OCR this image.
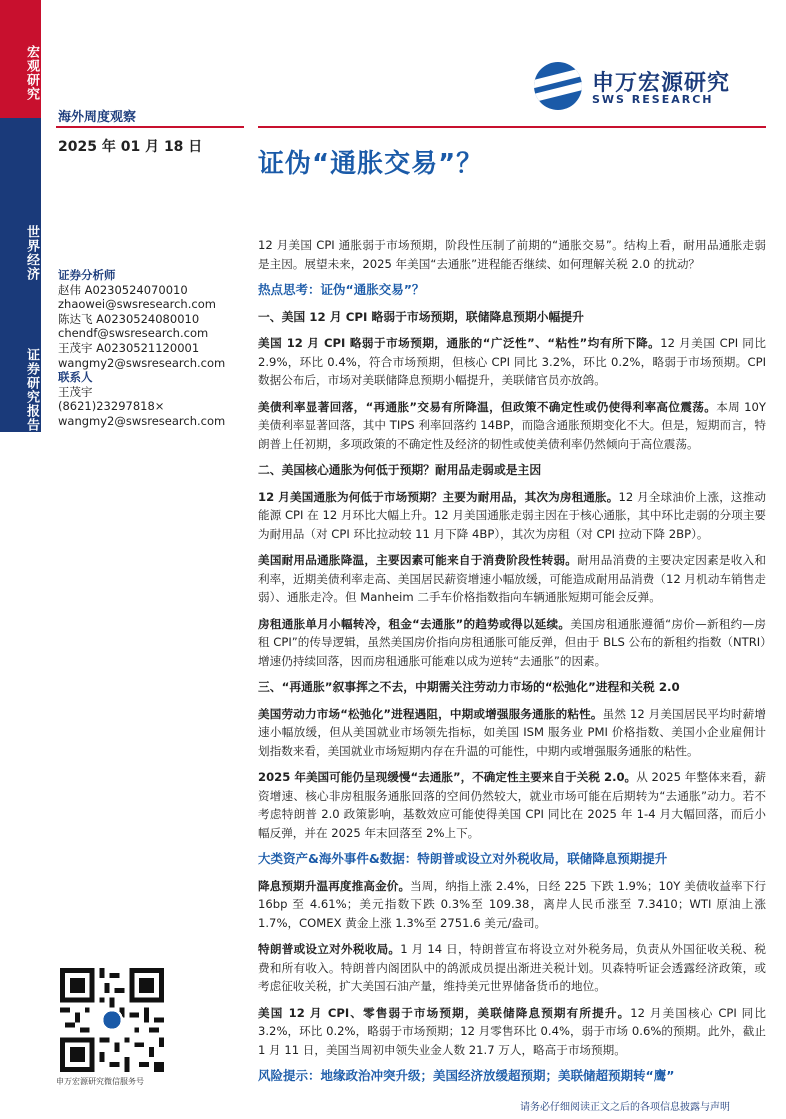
宏观研究
世界经济
证券研究报告
申万宏源研究
SWS RESEARCH
海外周度观察
2025 年 01 月 18 日
证伪“通胀交易”？
证券分析师
赵伟 A0230524070010
zhaowei@swsresearch.com
陈达飞 A0230524080010
chendf@swsresearch.com
王茂宇 A0230521120001
wangmy2@swsresearch.com
联系人
王茂宇
(8621)23297818×
wangmy2@swsresearch.com
申万宏源研究微信服务号

12 月美国 CPI 通胀弱于市场预期，阶段性压制了前期的“通胀交易”。结构上看，耐用品通胀走弱是主因。展望未来，2025 年美国“去通胀”进程能否继续、如何理解关税 2.0 的扰动？

热点思考：证伪“通胀交易”？
一、美国 12 月 CPI 略弱于市场预期，联储降息预期小幅提升

美国 12 月 CPI 略弱于市场预期，通胀的“广泛性”、“粘性”均有所下降。12 月美国 CPI 同比 2.9%，环比 0.4%，符合市场预期，但核心 CPI 同比 3.2%，环比 0.2%，略弱于市场预期。CPI 数据公布后，市场对美联储降息预期小幅提升，美联储官员亦放鸽。

美债利率显著回落，“再通胀”交易有所降温，但政策不确定性或仍使得利率高位震荡。本周 10Y 美债利率显著回落，其中 TIPS 利率回落约 14BP，而隐含通胀预期变化不大。但是，短期而言，特朗普上任初期，多项政策的不确定性及经济的韧性或使美债利率仍然倾向于高位震荡。

二、美国核心通胀为何低于预期？耐用品走弱或是主因

12 月美国通胀为何低于市场预期？主要为耐用品，其次为房租通胀。12 月全球油价上涨，这推动能源 CPI 在 12 月环比大幅上升。12 月美国通胀走弱主因在于核心通胀，其中环比走弱的分项主要为耐用品（对 CPI 环比拉动较 11 月下降 4BP），其次为房租（对 CPI 拉动下降 2BP）。

美国耐用品通胀降温，主要因素可能来自于消费阶段性转弱。耐用品消费的主要决定因素是收入和利率，近期美债利率走高、美国居民薪资增速小幅放缓，可能造成耐用品消费（12 月机动车销售走弱）、通胀走冷。但 Manheim 二手车价格指数指向车辆通胀短期可能会反弹。

房租通胀单月小幅转冷，租金“去通胀”的趋势或得以延续。美国房租通胀遵循“房价—新租约—房租 CPI”的传导逻辑，虽然美国房价指向房租通胀可能反弹，但由于 BLS 公布的新租约指数（NTRI）增速仍持续回落，因而房租通胀可能难以成为逆转“去通胀”的因素。

三、“再通胀”叙事挥之不去，中期需关注劳动力市场的“松弛化”进程和关税 2.0

美国劳动力市场“松弛化”进程遇阻，中期或增强服务通胀的粘性。虽然 12 月美国居民平均时薪增速小幅放缓，但从美国就业市场领先指标，如美国 ISM 服务业 PMI 价格指数、美国小企业雇佣计划指数来看，美国就业市场短期内存在升温的可能性，中期内或增强服务通胀的粘性。

2025 年美国可能仍呈现缓慢“去通胀”，不确定性主要来自于关税 2.0。从 2025 年整体来看，薪资增速、核心非房租服务通胀回落的空间仍然较大，就业市场可能在后期转为“去通胀”动力。若不考虑特朗普 2.0 政策影响，基数效应可能使得美国 CPI 同比在 2025 年 1-4 月大幅回落，而后小幅反弹，并在 2025 年末回落至 2%上下。

大类资产&海外事件&数据：特朗普或设立对外税收局，联储降息预期提升

降息预期升温再度推高金价。当周，纳指上涨 2.4%，日经 225 下跌 1.9%；10Y 美债收益率下行 16bp 至 4.61%；美元指数下跌 0.3%至 109.38，离岸人民币涨至 7.3410；WTI 原油上涨 1.7%，COMEX 黄金上涨 1.3%至 2751.6 美元/盎司。

特朗普或设立对外税收局。1 月 14 日，特朗普宣布将设立对外税务局，负责从外国征收关税、税费和所有收入。特朗普内阁团队中的鸽派成员提出渐进关税计划。贝森特听证会透露经济政策，或考虑征收关税，扩大美国石油产量，维持美元世界储备货币的地位。

美国 12 月 CPI、零售弱于市场预期，美联储降息预期有所提升。12 月美国核心 CPI 同比 3.2%，环比 0.2%，略弱于市场预期；12 月零售环比 0.4%，弱于市场 0.6%的预期。此外，截止 1 月 11 日，美国当周初申领失业金人数 21.7 万人，略高于市场预期。

风险提示：地缘政治冲突升级；美国经济放缓超预期；美联储超预期转“鹰”
请务必仔细阅读正文之后的各项信息披露与声明
